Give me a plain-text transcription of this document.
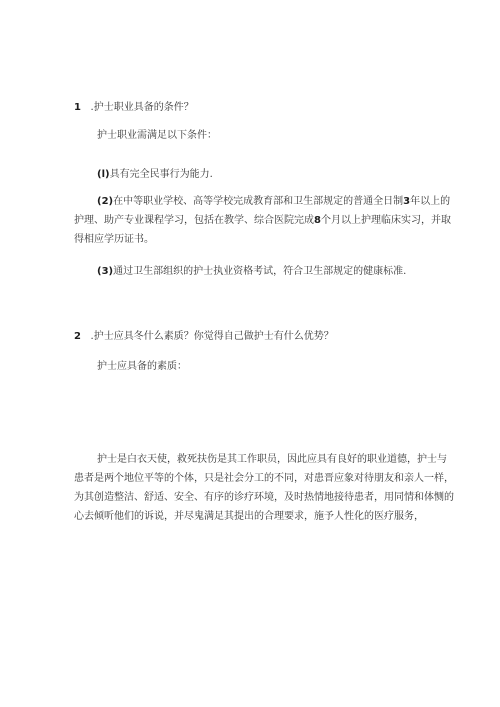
1 .护士职业具备的条件？
护士职业需满足以下条件：
(l)具有完全民事行为能力.
(2)在中等职业学校、高等学校完成教育部和卫生部规定的普通全日制3年以上的
护理、助产专业课程学习，包括在教学、综合医院完成8个月以上护理临床实习，并取
得相应学历证书。
(3)通过卫生部组织的护士执业资格考试，符合卫生部规定的健康标准.
2 .护士应具冬什么素质？你觉得自己做护士有什么优势？
护士应具备的素质：
护士是白衣天使，救死扶伤是其工作职员，因此应具有良好的职业道德，护士与
患者是两个地位平等的个体，只是社会分工的不同，对患晋应象对待朋友和亲人一样，
为其创造整洁、舒适、安全、有序的诊疗环境，及时热情地接待患者，用同情和体恻的
心去倾听他们的诉说，并尽鬼满足其提出的合理要求，施予人性化的医疗服务，
